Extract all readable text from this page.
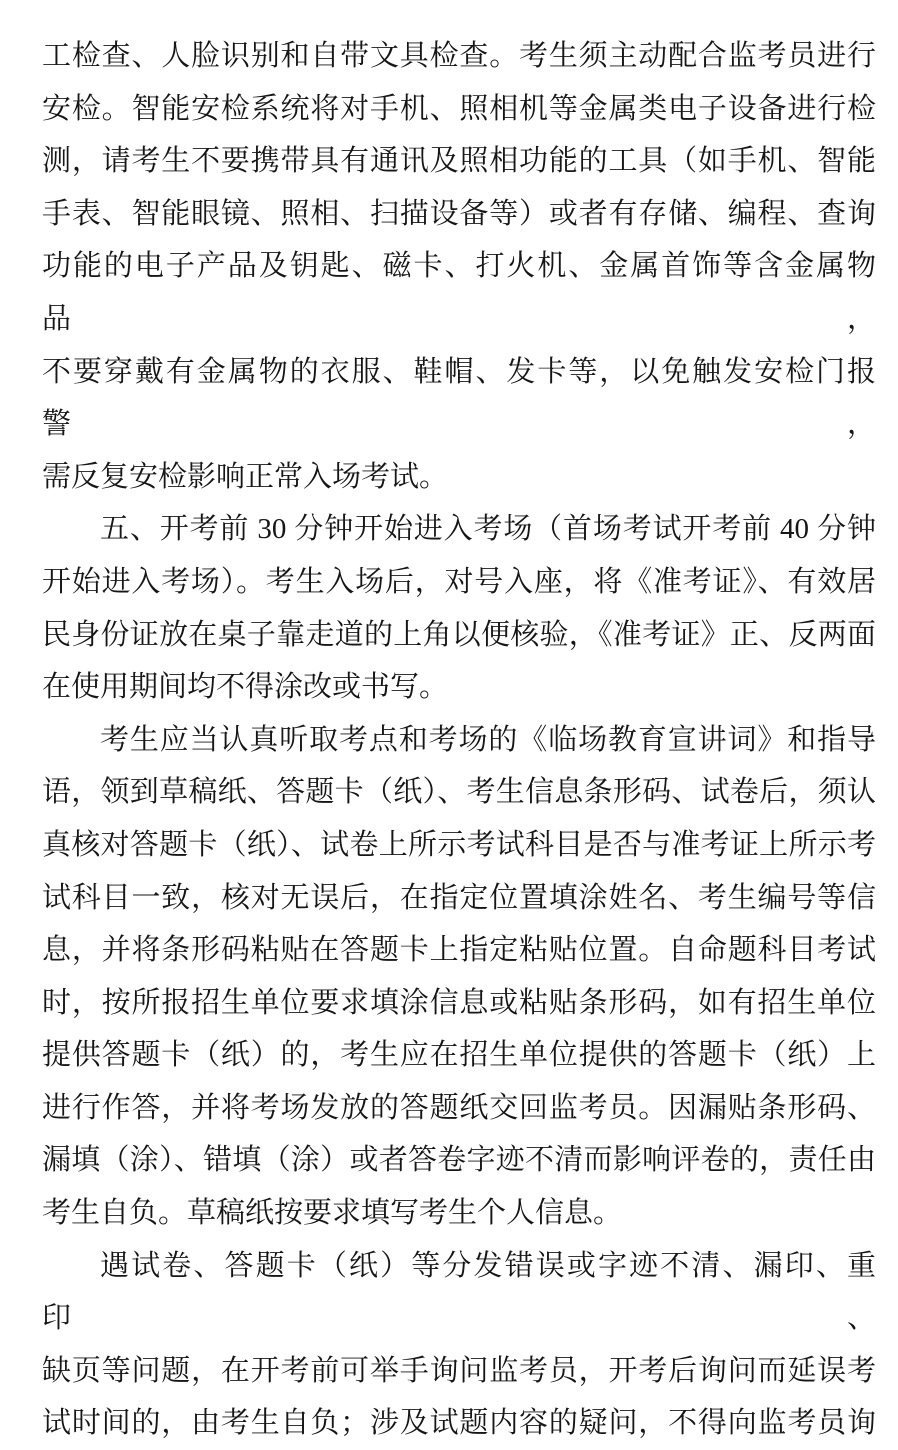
工检查、人脸识别和自带文具检查。考生须主动配合监考员进行
安检。智能安检系统将对手机、照相机等金属类电子设备进行检
测，请考生不要携带具有通讯及照相功能的工具（如手机、智能
手表、智能眼镜、照相、扫描设备等）或者有存储、编程、查询
功能的电子产品及钥匙、磁卡、打火机、金属首饰等含金属物品，
不要穿戴有金属物的衣服、鞋帽、发卡等，以免触发安检门报警，
需反复安检影响正常入场考试。
五、开考前 30 分钟开始进入考场（首场考试开考前 40 分钟
开始进入考场）。考生入场后，对号入座，将《准考证》、有效居
民身份证放在桌子靠走道的上角以便核验，《准考证》正、反两面
在使用期间均不得涂改或书写。
考生应当认真听取考点和考场的《临场教育宣讲词》和指导
语，领到草稿纸、答题卡（纸）、考生信息条形码、试卷后，须认
真核对答题卡（纸）、试卷上所示考试科目是否与准考证上所示考
试科目一致，核对无误后，在指定位置填涂姓名、考生编号等信
息，并将条形码粘贴在答题卡上指定粘贴位置。自命题科目考试
时，按所报招生单位要求填涂信息或粘贴条形码，如有招生单位
提供答题卡（纸）的，考生应在招生单位提供的答题卡（纸）上
进行作答，并将考场发放的答题纸交回监考员。因漏贴条形码、
漏填（涂）、错填（涂）或者答卷字迹不清而影响评卷的，责任由
考生自负。草稿纸按要求填写考生个人信息。
遇试卷、答题卡（纸）等分发错误或字迹不清、漏印、重印、
缺页等问题，在开考前可举手询问监考员，开考后询问而延误考
试时间的，由考生自负；涉及试题内容的疑问，不得向监考员询
